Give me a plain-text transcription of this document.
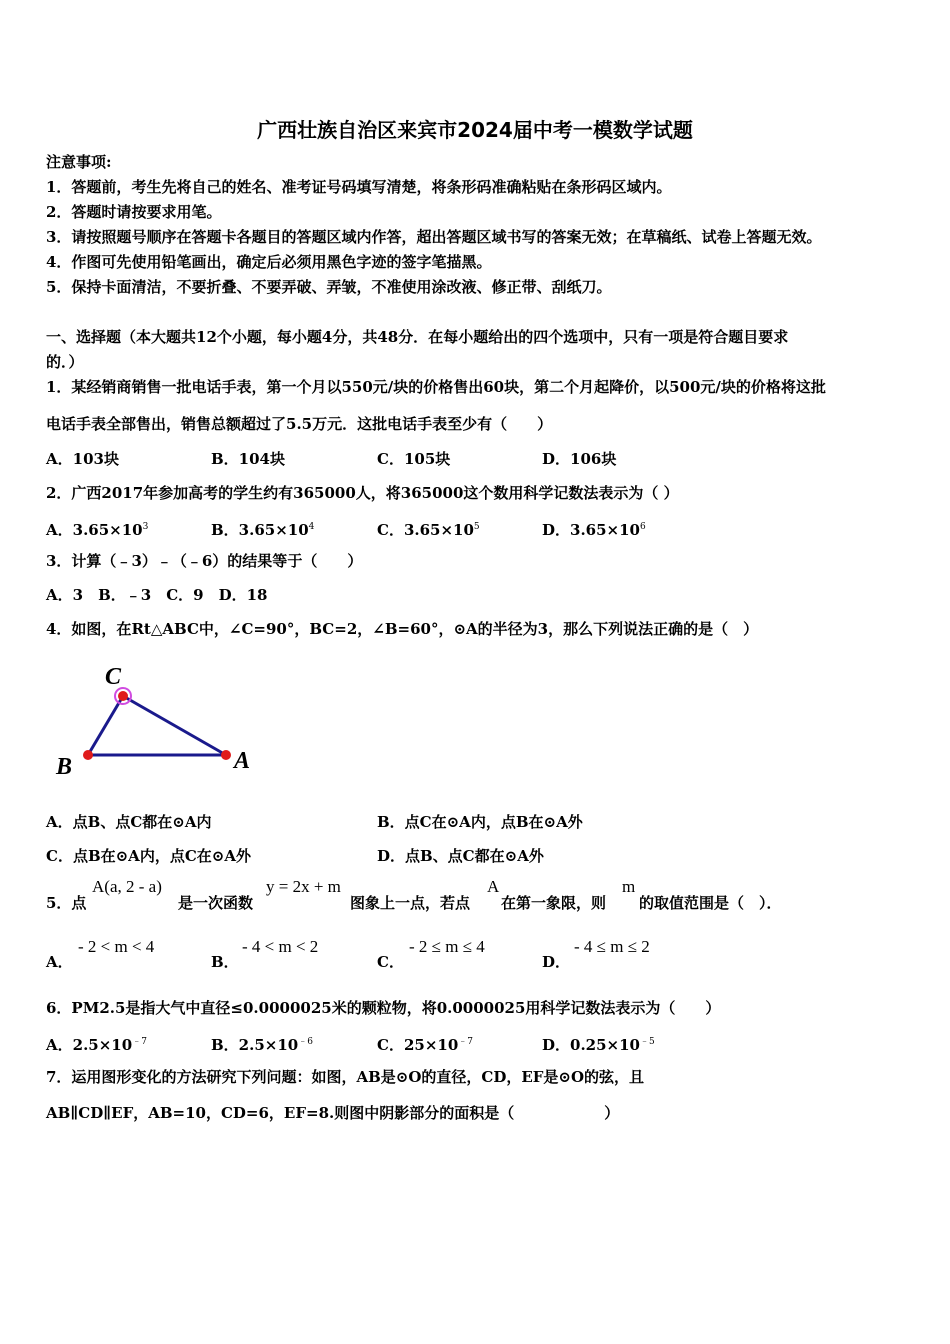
广西壮族自治区来宾市2024届中考一模数学试题
注意事项:
1．答题前，考生先将自己的姓名、准考证号码填写清楚，将条形码准确粘贴在条形码区域内。
2．答题时请按要求用笔。
3．请按照题号顺序在答题卡各题目的答题区域内作答，超出答题区域书写的答案无效；在草稿纸、试卷上答题无效。
4．作图可先使用铅笔画出，确定后必须用黑色字迹的签字笔描黑。
5．保持卡面清洁，不要折叠、不要弄破、弄皱，不准使用涂改液、修正带、刮纸刀。
一、选择题（本大题共12个小题，每小题4分，共48分．在每小题给出的四个选项中，只有一项是符合题目要求
的．）
1．某经销商销售一批电话手表，第一个月以550元/块的价格售出60块，第二个月起降价，以500元/块的价格将这批
电话手表全部售出，销售总额超过了5.5万元．这批电话手表至少有（　　）
A．103块	B．104块	C．105块	D．106块
2．广西2017年参加高考的学生约有365000人，将365000这个数用科学记数法表示为（ ）
A．$3.65\times 10^3$	B．$3.65\times 10^4$	C．$3.65\times 10^5$	D．$3.65\times 10^6$
3．计算（﹣3）﹣（﹣6）的结果等于（　　）
A．3　B．﹣3　C．9　D．18
4．如图，在Rt△ABC中，∠C=90°，BC=2，∠B=60°，⊙A的半径为3，那么下列说法正确的是（　）
C
B	A
A．点B、点C都在⊙A内	B．点C在⊙A内，点B在⊙A外
C．点B在⊙A内，点C在⊙A外	D．点B、点C都在⊙A外
5．点
A(a, 2 - a)
是一次函数
y = 2x + m
图象上一点，若点
A
在第一象限，则
m
的取值范围是（　）．
A．
- 2 < m < 4
B．
- 4 < m < 2
C．
- 2 ≤ m ≤ 4
D．
- 4 ≤ m ≤ 2
6．PM2.5是指大气中直径≤0.0000025米的颗粒物，将0.0000025用科学记数法表示为（　　）
A．$2.5\times 10^{﹣7}$	B．$2.5\times 10^{﹣6}$	C．$25\times 10^{﹣7}$	D．$0.25\times 10^{﹣5}$
7．运用图形变化的方法研究下列问题：如图，AB是⊙O的直径，CD，EF是⊙O的弦，且
AB∥CD∥EF，AB=10，CD=6，EF=8.则图中阴影部分的面积是（　　　　　　）
